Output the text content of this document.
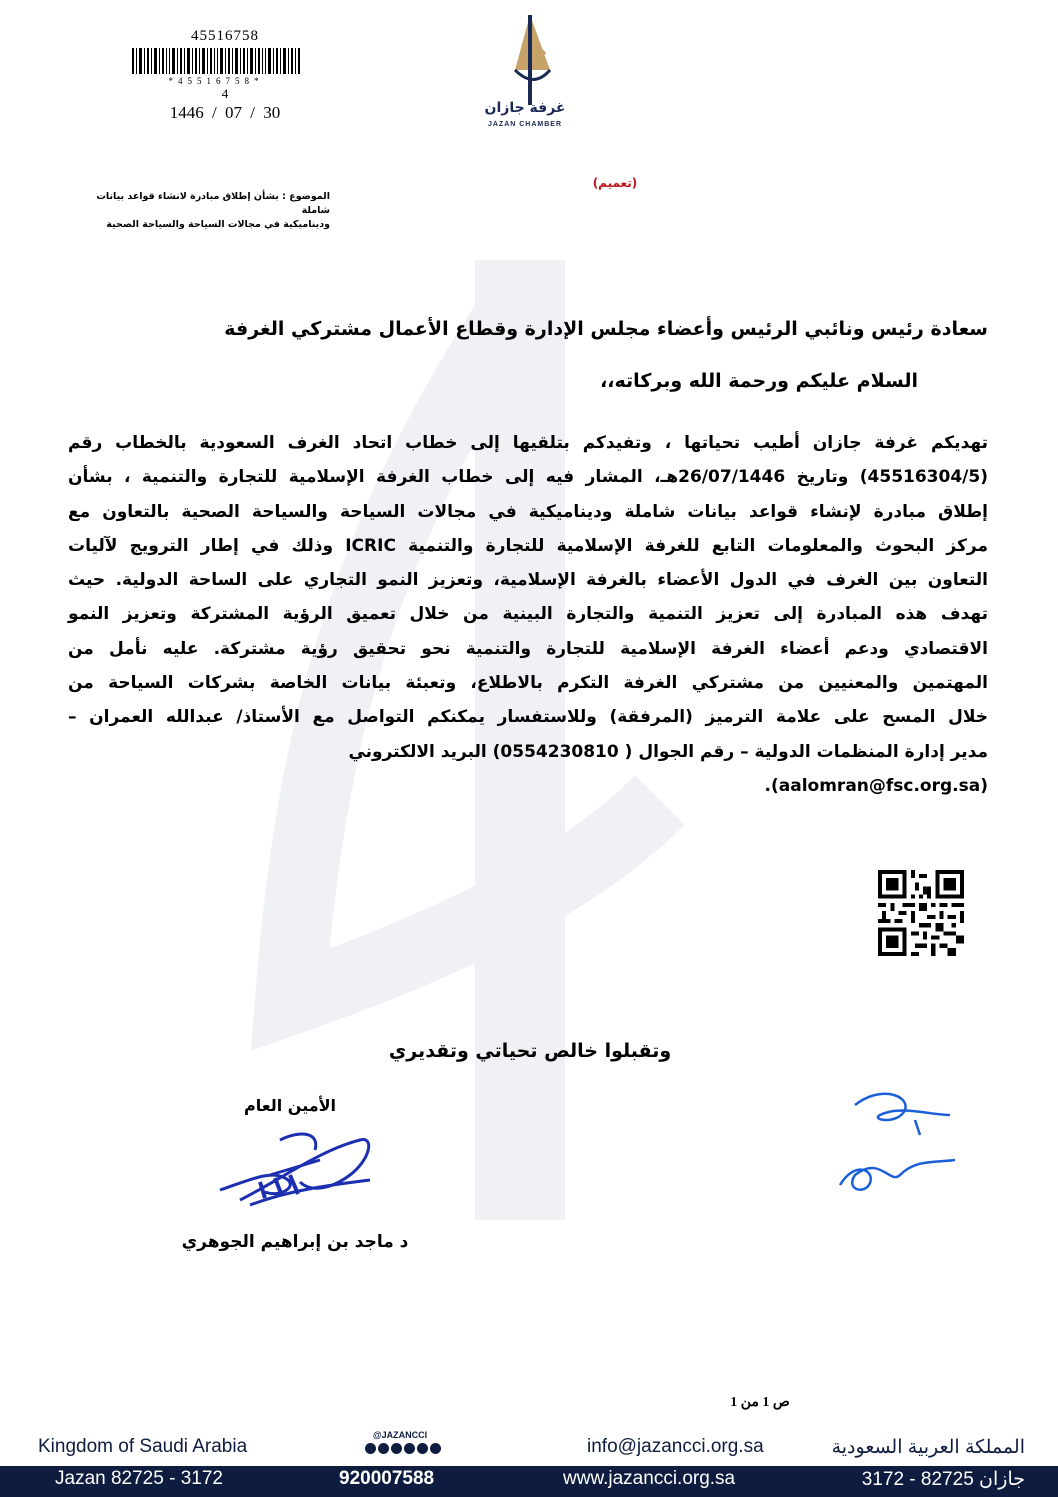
45516758
*45516758*
4
1446 / 07 / 30	غرفة جازان
JAZAN CHAMBER
(تعميم)
الموضوع : بشأن إطلاق مبادرة لانشاء قواعد بيانات شاملة
وديناميكية في مجالات السياحة والسياحة الصحية
سعادة رئيس ونائبي الرئيس وأعضاء مجلس الإدارة وقطاع الأعمال مشتركي الغرفة
السلام عليكم ورحمة الله وبركاته،،
تهديكم غرفة جازان أطيب تحياتها ، وتفيدكم بتلقيها إلى خطاب اتحاد الغرف السعودية بالخطاب رقم
(45516304/5) وتاريخ 26/07/1446هـ، المشار فيه إلى خطاب الغرفة الإسلامية للتجارة والتنمية ، بشأن
إطلاق مبادرة لإنشاء قواعد بيانات شاملة وديناميكية في مجالات السياحة والسياحة الصحية بالتعاون مع
مركز البحوث والمعلومات التابع للغرفة الإسلامية للتجارة والتنمية ICRIC وذلك في إطار الترويج لآليات
التعاون بين الغرف في الدول الأعضاء بالغرفة الإسلامية، وتعزيز النمو التجاري على الساحة الدولية. حيث
تهدف هذه المبادرة إلى تعزيز التنمية والتجارة البينية من خلال تعميق الرؤية المشتركة وتعزيز النمو
الاقتصادي ودعم أعضاء الغرفة الإسلامية للتجارة والتنمية نحو تحقيق رؤية مشتركة. عليه نأمل من
المهتمين والمعنيين من مشتركي الغرفة التكرم بالاطلاع، وتعبئة بيانات الخاصة بشركات السياحة من
خلال المسح على علامة الترميز (المرفقة) وللاستفسار يمكنكم التواصل مع الأستاذ/ عبدالله العمران –
مدير إدارة المنظمات الدولية – رقم الجوال ( 0554230810) البريد الالكتروني
(aalomran@fsc.org.sa).
وتقبلوا خالص تحياتي وتقديري
الأمين العام
د ماجد بن إبراهيم الجوهري
ص 1 من 1
Kingdom of Saudi Arabia
@JAZANCCI
info@jazancci.org.sa	المملكة العربية السعودية
Jazan 82725 - 3172	920007588	www.jazancci.org.sa	جازان 82725 - 3172
